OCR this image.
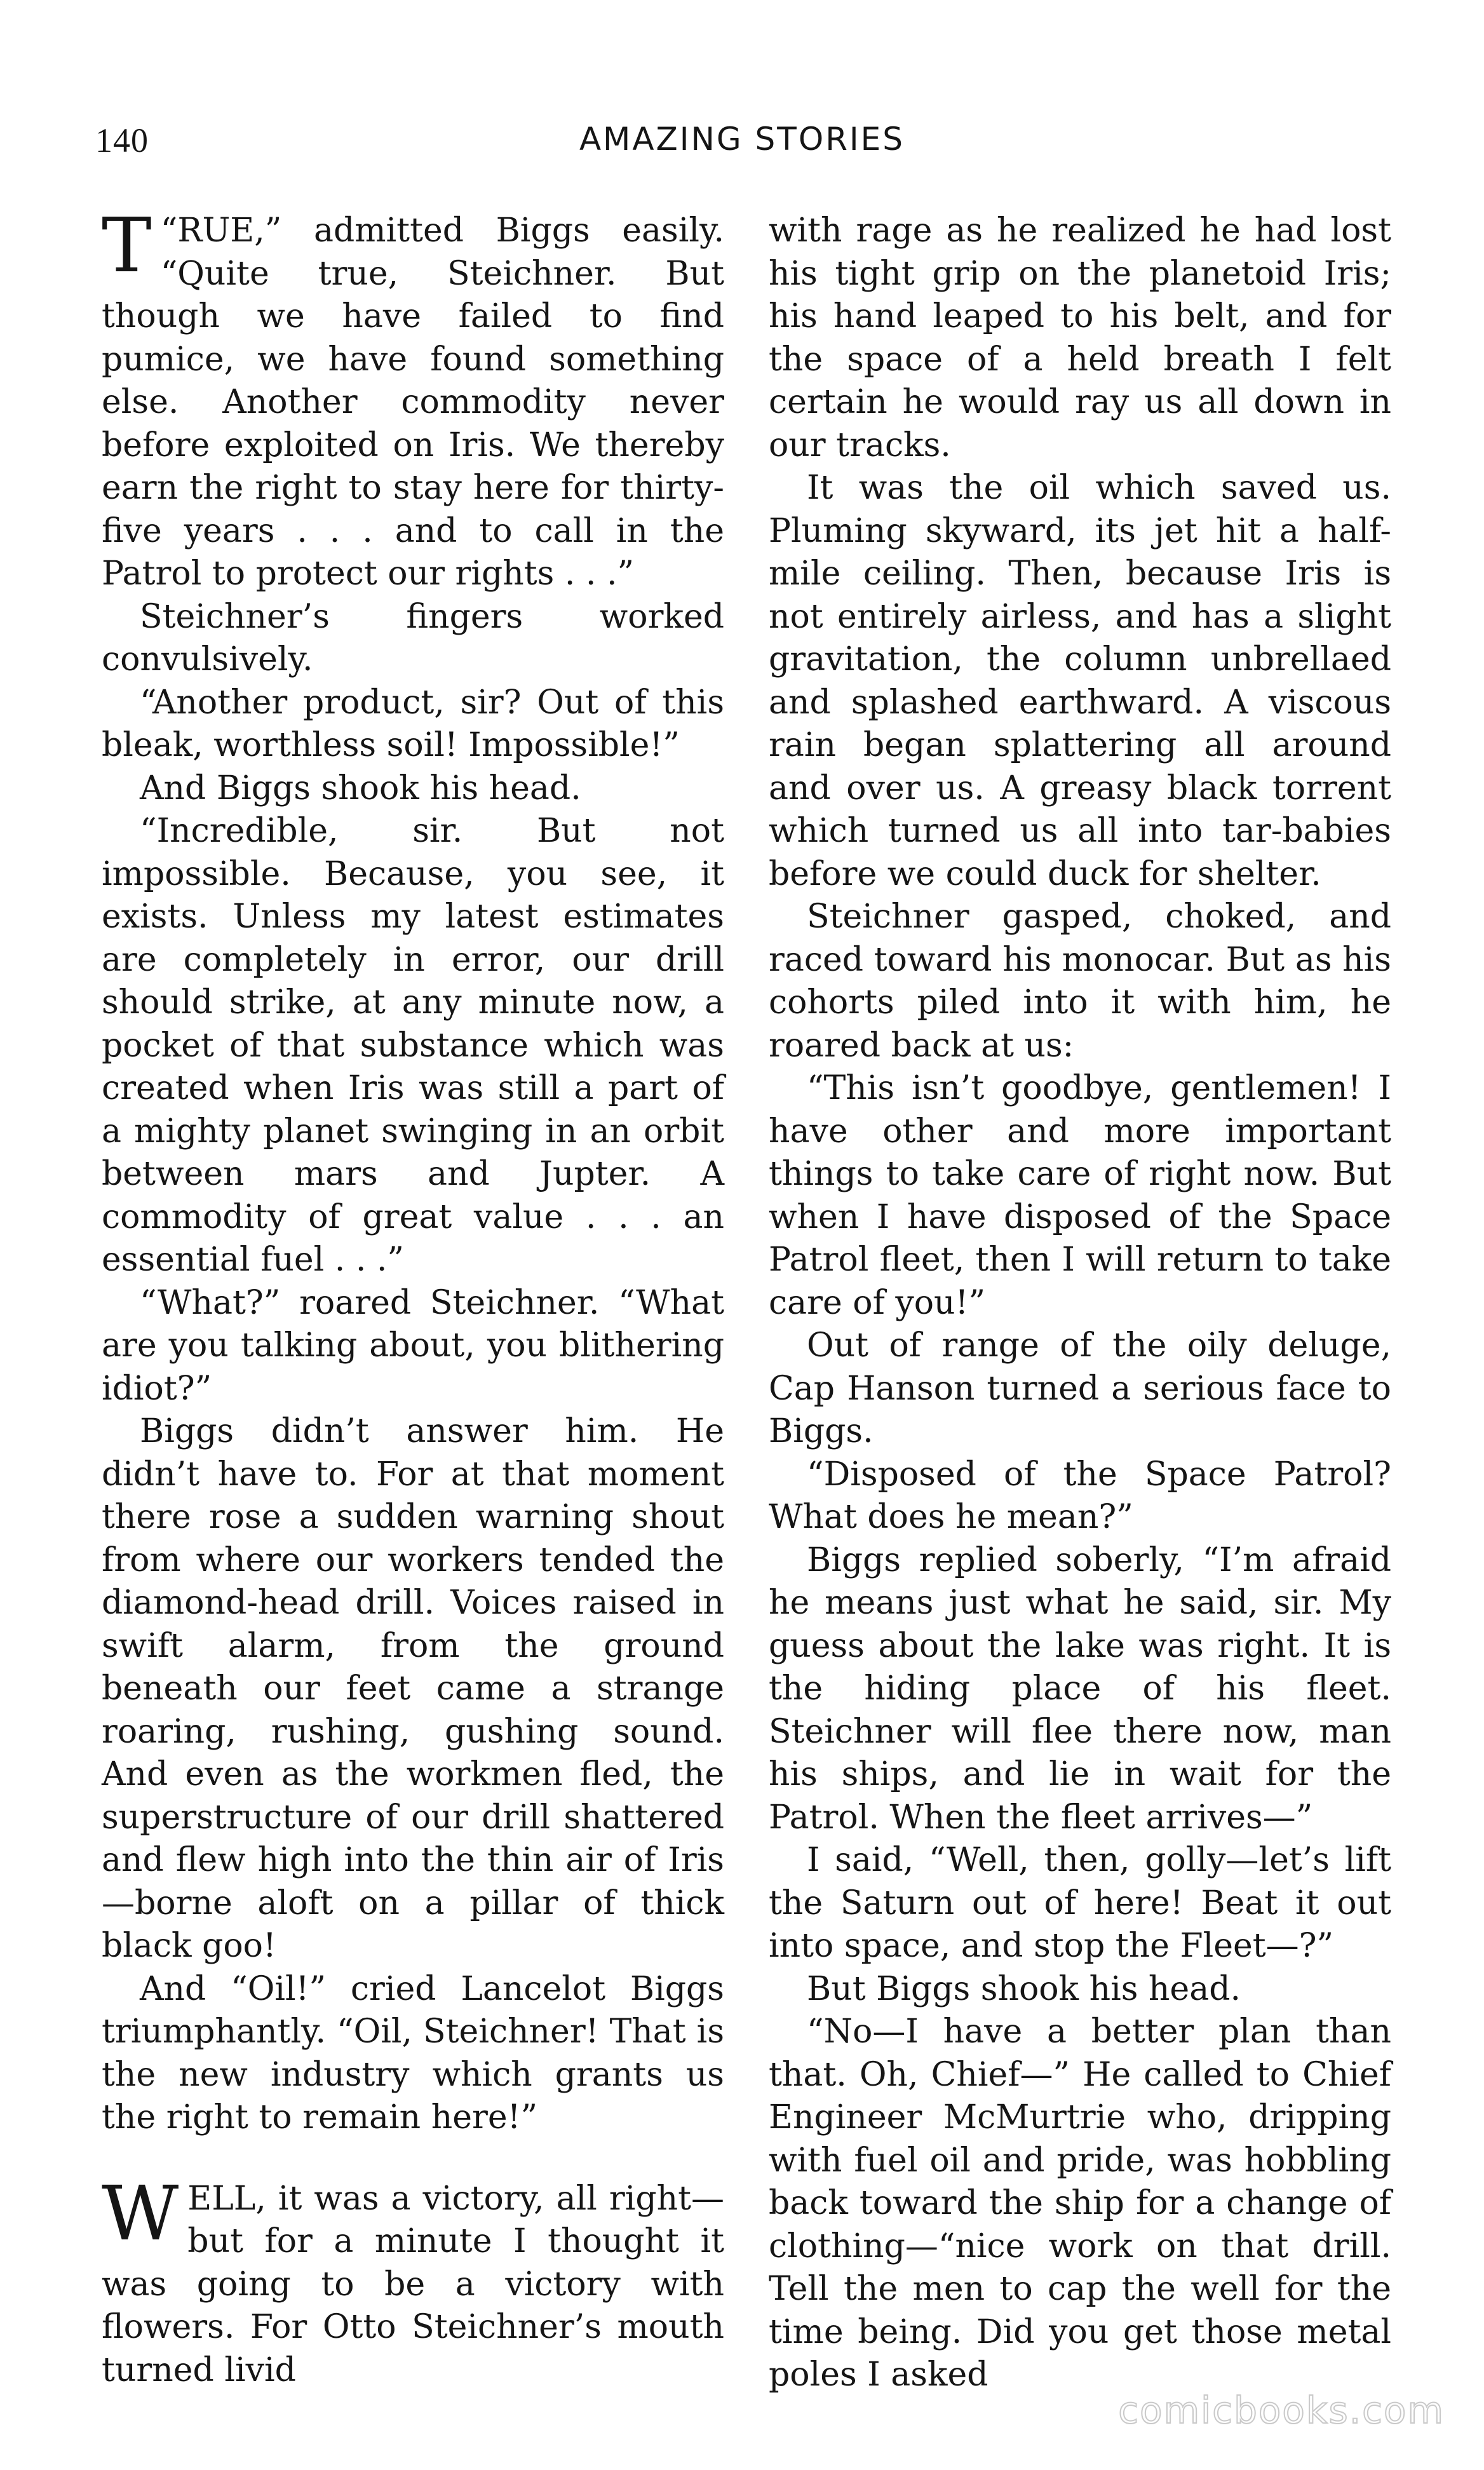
140	AMAZING STORIES

“
T RUE,” admitted Biggs easily. “Quite true, Steichner. But though we have failed to find pumice, we have found something else. Another commodity never before exploited on Iris. We thereby earn the right to stay here for thirty-five years . . . and to call in the Patrol to protect our rights . . .”

Steichner’s fingers worked convulsively.

“Another product, sir? Out of this bleak, worthless soil! Impossible!”

And Biggs shook his head.

“Incredible, sir. But not impossible. Because, you see, it exists. Unless my latest estimates are completely in error, our drill should strike, at any minute now, a pocket of that substance which was created when Iris was still a part of a mighty planet swinging in an orbit between mars and Jupter. A commodity of great value . . . an essential fuel . . .”

“What?” roared Steichner. “What are you talking about, you blithering idiot?”

Biggs didn’t answer him. He didn’t have to. For at that moment there rose a sudden warning shout from where our workers tended the diamond-head drill. Voices raised in swift alarm, from the ground beneath our feet came a strange roaring, rushing, gushing sound. And even as the workmen fled, the superstructure of our drill shattered and flew high into the thin air of Iris—borne aloft on a pillar of thick black goo!

And “Oil!” cried Lancelot Biggs triumphantly. “Oil, Steichner! That is the new industry which grants us the right to remain here!”

WELL, it was a victory, all right—but for a minute I thought it was going to be a victory with flowers. For Otto Steichner’s mouth turned livid

with rage as he realized he had lost his tight grip on the planetoid Iris; his hand leaped to his belt, and for the space of a held breath I felt certain he would ray us all down in our tracks.

It was the oil which saved us. Pluming skyward, its jet hit a half-mile ceiling. Then, because Iris is not entirely airless, and has a slight gravitation, the column unbrellaed and splashed earthward. A viscous rain began splattering all around and over us. A greasy black torrent which turned us all into tar-babies before we could duck for shelter.

Steichner gasped, choked, and raced toward his monocar. But as his cohorts piled into it with him, he roared back at us:

“This isn’t goodbye, gentlemen! I have other and more important things to take care of right now. But when I have disposed of the Space Patrol fleet, then I will return to take care of you!”

Out of range of the oily deluge, Cap Hanson turned a serious face to Biggs.

“Disposed of the Space Patrol? What does he mean?”

Biggs replied soberly, “I’m afraid he means just what he said, sir. My guess about the lake was right. It is the hiding place of his fleet. Steichner will flee there now, man his ships, and lie in wait for the Patrol. When the fleet arrives—”

I said, “Well, then, golly—let’s lift the Saturn out of here! Beat it out into space, and stop the Fleet—?”

But Biggs shook his head.

“No—I have a better plan than that. Oh, Chief—” He called to Chief Engineer McMurtrie who, dripping with fuel oil and pride, was hobbling back toward the ship for a change of clothing—“nice work on that drill. Tell the men to cap the well for the time being. Did you get those metal poles I asked

comicbooks.com
